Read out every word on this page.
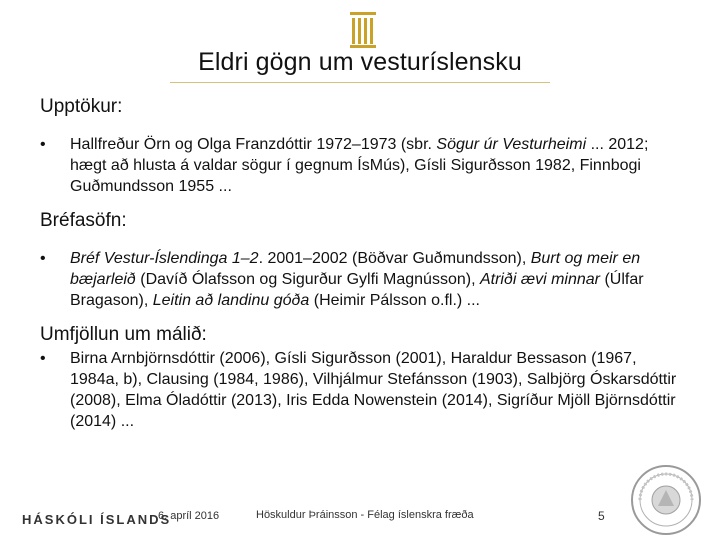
Eldri gögn um vesturíslensku
Upptökur:
•	Hallfreður Örn og Olga Franzdóttir 1972–1973 (sbr. Sögur úr Vesturheimi ... 2012; hægt að hlusta á valdar sögur í gegnum ÍsMús), Gísli Sigurðsson 1982, Finnbogi Guðmundsson 1955 ...
Bréfasöfn:
•	Bréf Vestur-Íslendinga 1–2. 2001–2002 (Böðvar Guðmundsson), Burt og meir en bæjarleið (Davíð Ólafsson og Sigurður Gylfi Magnússon), Atriði ævi minnar (Úlfar Bragason), Leitin að landinu góða (Heimir Pálsson o.fl.) ...
Umfjöllun um málið:
•	Birna Arnbjörnsdóttir (2006), Gísli Sigurðsson (2001), Haraldur Bessason (1967, 1984a, b), Clausing (1984, 1986), Vilhjálmur Stefánsson (1903), Salbjörg Óskarsdóttir (2008), Elma Óladóttir (2013), Iris Edda Nowenstein (2014), Sigríður Mjöll Björnsdóttir (2014) ...
HÁSKÓLI ÍSLANDS
6. apríl 2016	Höskuldur Þráinsson - Félag íslenskra fræða	5
